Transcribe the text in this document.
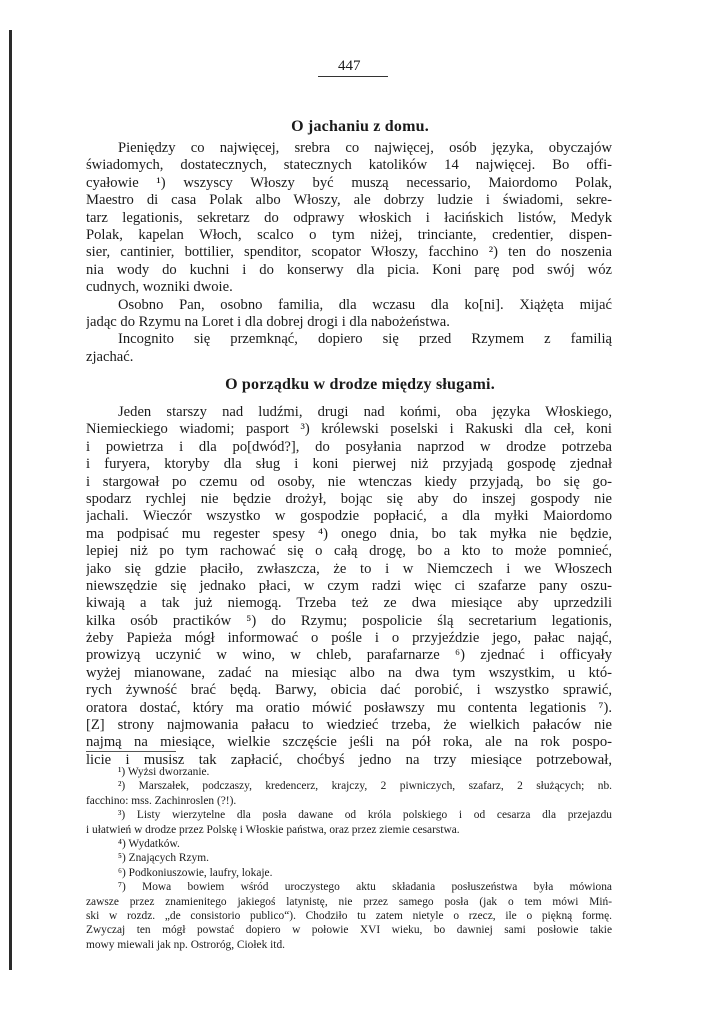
447
O jachaniu z domu.
Pieniędzy co najwięcej, srebra co najwięcej, osób języka, obyczajów
świadomych, dostatecznych, statecznych katolików 14 najwięcej. Bo offi-
cyałowie ¹) wszyscy Włoszy być muszą necessario, Maiordomo Polak,
Maestro di casa Polak albo Włoszy, ale dobrzy ludzie i świadomi, sekre-
tarz legationis, sekretarz do odprawy włoskich i łacińskich listów, Medyk
Polak, kapelan Włoch, scalco o tym niżej, trinciante, credentier, dispen-
sier, cantinier, bottilier, spenditor, scopator Włoszy, facchino ²) ten do noszenia
nia wody do kuchni i do konserwy dla picia. Koni parę pod swój wóz
cudnych, wozniki dwoie.
Osobno Pan, osobno familia, dla wczasu dla ko[ni]. Xiążęta mijać
jadąc do Rzymu na Loret i dla dobrej drogi i dla nabożeństwa.
Incognito się przemknąć, dopiero się przed Rzymem z familią
zjachać.
O porządku w drodze między sługami.
Jeden starszy nad ludźmi, drugi nad końmi, oba języka Włoskiego,
Niemieckiego wiadomi; pasport ³) królewski poselski i Rakuski dla ceł, koni
i powietrza i dla po[dwód?], do posyłania naprzod w drodze potrzeba
i furyera, ktoryby dla sług i koni pierwej niż przyjadą gospodę zjednał
i stargował po czemu od osoby, nie wtenczas kiedy przyjadą, bo się go-
spodarz rychlej nie będzie drożył, bojąc się aby do inszej gospody nie
jachali. Wieczór wszystko w gospodzie popłacić, a dla myłki Maiordomo
ma podpisać mu regester spesy ⁴) onego dnia, bo tak myłka nie będzie,
lepiej niż po tym rachować się o całą drogę, bo a kto to może pomnieć,
jako się gdzie płaciło, zwłaszcza, że to i w Niemczech i we Włoszech
niewszędzie się jednako płaci, w czym radzi więc ci szafarze pany oszu-
kiwają a tak już niemogą. Trzeba też ze dwa miesiące aby uprzedzili
kilka osób practików ⁵) do Rzymu; pospolicie ślą secretarium legationis,
żeby Papieża mógł informować o pośle i o przyjeździe jego, pałac nająć,
prowizyą uczynić w wino, w chleb, parafarnarze ⁶) zjednać i officyały
wyżej mianowane, zadać na miesiąc albo na dwa tym wszystkim, u któ-
rych żywność brać będą. Barwy, obicia dać porobić, i wszystko sprawić,
oratora dostać, który ma oratio mówić posławszy mu contenta legationis ⁷).
[Z] strony najmowania pałacu to wiedzieć trzeba, że wielkich pałaców nie
najmą na miesiące, wielkie szczęście jeśli na pół roka, ale na rok pospo-
licie i musisz tak zapłacić, choćbyś jedno na trzy miesiące potrzebował,
¹) Wyżsi dworzanie.
²) Marszałek, podczaszy, kredencerz, krajczy, 2 piwniczych, szafarz, 2 służących; nb.
facchino: mss. Zachinroslen (?!).
³) Listy wierzytelne dla posła dawane od króla polskiego i od cesarza dla przejazdu
i ułatwień w drodze przez Polskę i Włoskie państwa, oraz przez ziemie cesarstwa.
⁴) Wydatków.
⁵) Znających Rzym.
⁶) Podkoniuszowie, laufry, lokaje.
⁷) Mowa bowiem wśród uroczystego aktu składania posłuszeństwa była mówiona
zawsze przez znamienitego jakiegoś latynistę, nie przez samego posła (jak o tem mówi Miń-
ski w rozdz. „de consistorio publico“). Chodziło tu zatem nietyle o rzecz, ile o piękną formę.
Zwyczaj ten mógł powstać dopiero w połowie XVI wieku, bo dawniej sami posłowie takie
mowy miewali jak np. Ostroróg, Ciołek itd.
